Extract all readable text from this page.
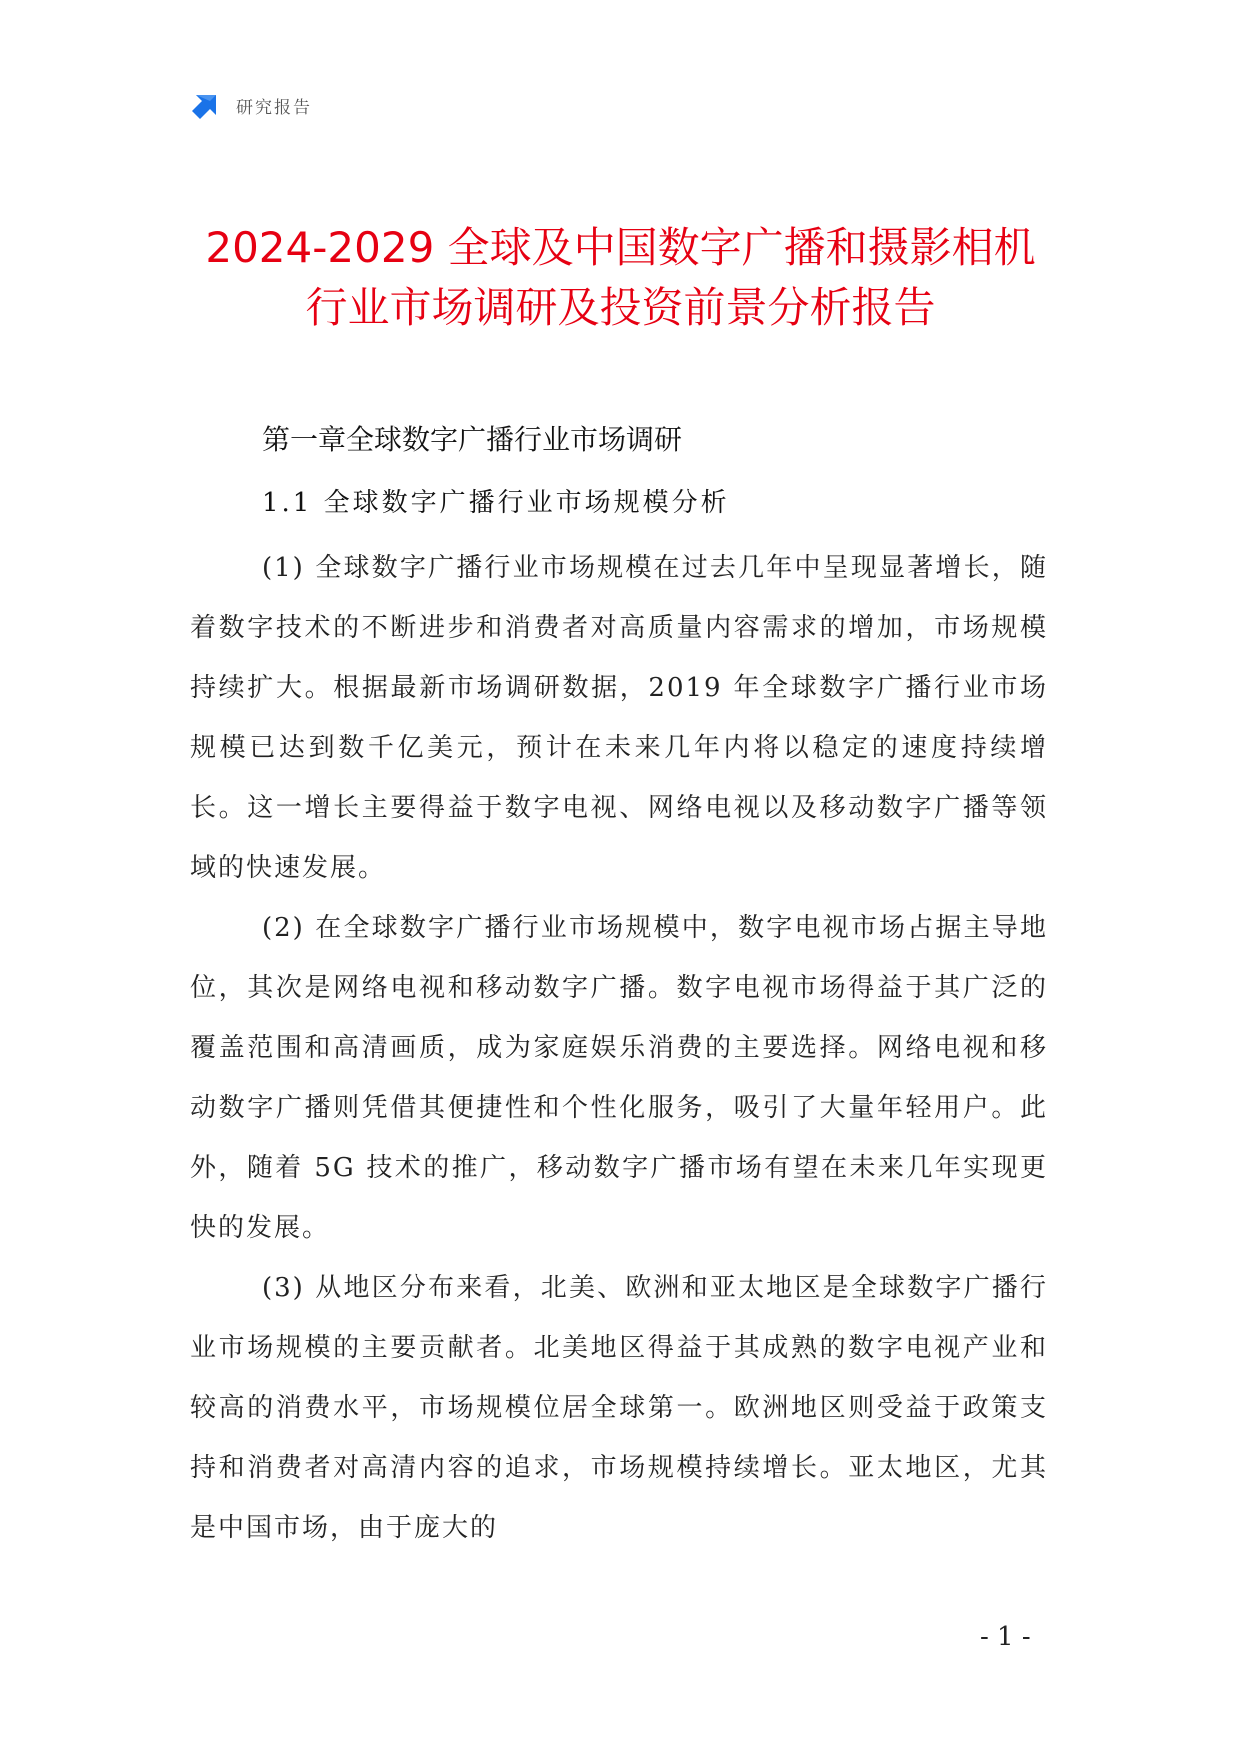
研究报告
2024-2029 全球及中国数字广播和摄影相机
行业市场调研及投资前景分析报告
第一章全球数字广播行业市场调研
1.1 全球数字广播行业市场规模分析

(1) 全球数字广播行业市场规模在过去几年中呈现显著增长，随着数字技术的不断进步和消费者对高质量内容需求的增加，市场规模持续扩大。根据最新市场调研数据，2019 年全球数字广播行业市场规模已达到数千亿美元，预计在未来几年内将以稳定的速度持续增长。这一增长主要得益于数字电视、网络电视以及移动数字广播等领域的快速发展。

(2) 在全球数字广播行业市场规模中，数字电视市场占据主导地位，其次是网络电视和移动数字广播。数字电视市场得益于其广泛的覆盖范围和高清画质，成为家庭娱乐消费的主要选择。网络电视和移动数字广播则凭借其便捷性和个性化服务，吸引了大量年轻用户。此外，随着 5G 技术的推广，移动数字广播市场有望在未来几年实现更快的发展。

(3) 从地区分布来看，北美、欧洲和亚太地区是全球数字广播行业市场规模的主要贡献者。北美地区得益于其成熟的数字电视产业和较高的消费水平，市场规模位居全球第一。欧洲地区则受益于政策支持和消费者对高清内容的追求，市场规模持续增长。亚太地区，尤其是中国市场，由于庞大的

- 1 -
